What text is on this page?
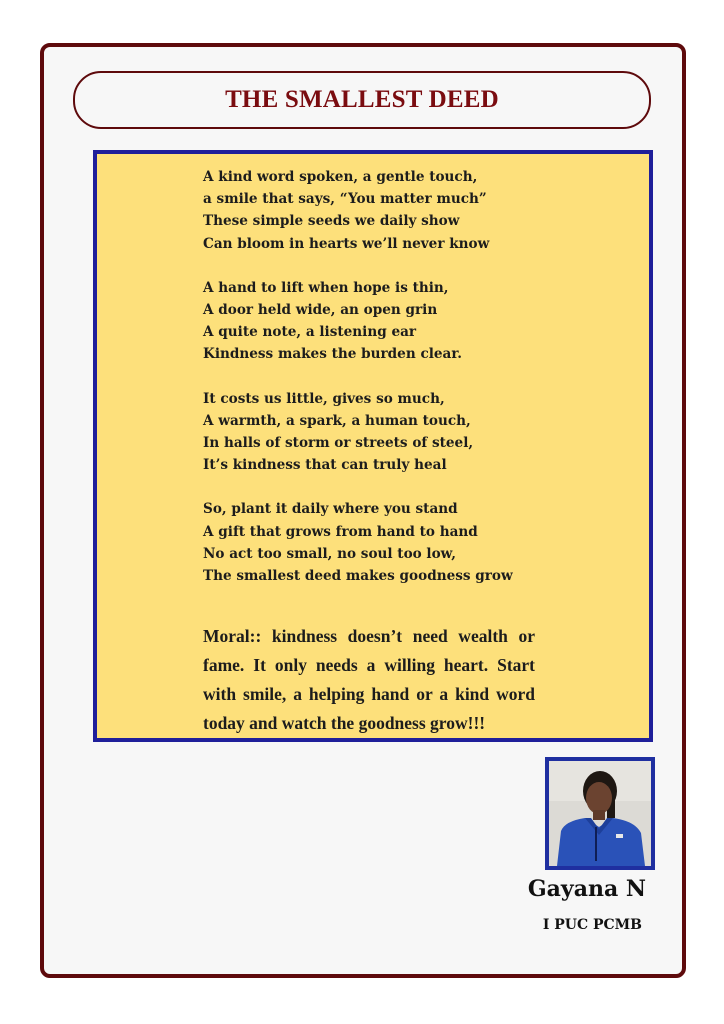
THE SMALLEST DEED
A kind word spoken, a gentle touch,
a smile that says, “You matter much”
These simple seeds we daily show
Can bloom in hearts we’ll never know
A hand to lift when hope is thin,
A door held wide, an open grin
A quite note, a listening ear
Kindness makes the burden clear.
It costs us little, gives so much,
A warmth, a spark, a human touch,
In halls of storm or streets of steel,
It’s kindness that can truly heal
So, plant it daily where you stand
A gift that grows from hand to hand
No act too small, no soul too low,
The smallest deed makes goodness grow
Moral:: kindness doesn’t need wealth or fame. It only needs a willing heart. Start with smile, a helping hand or a kind word today and watch the goodness grow!!!
Gayana N
I PUC PCMB
